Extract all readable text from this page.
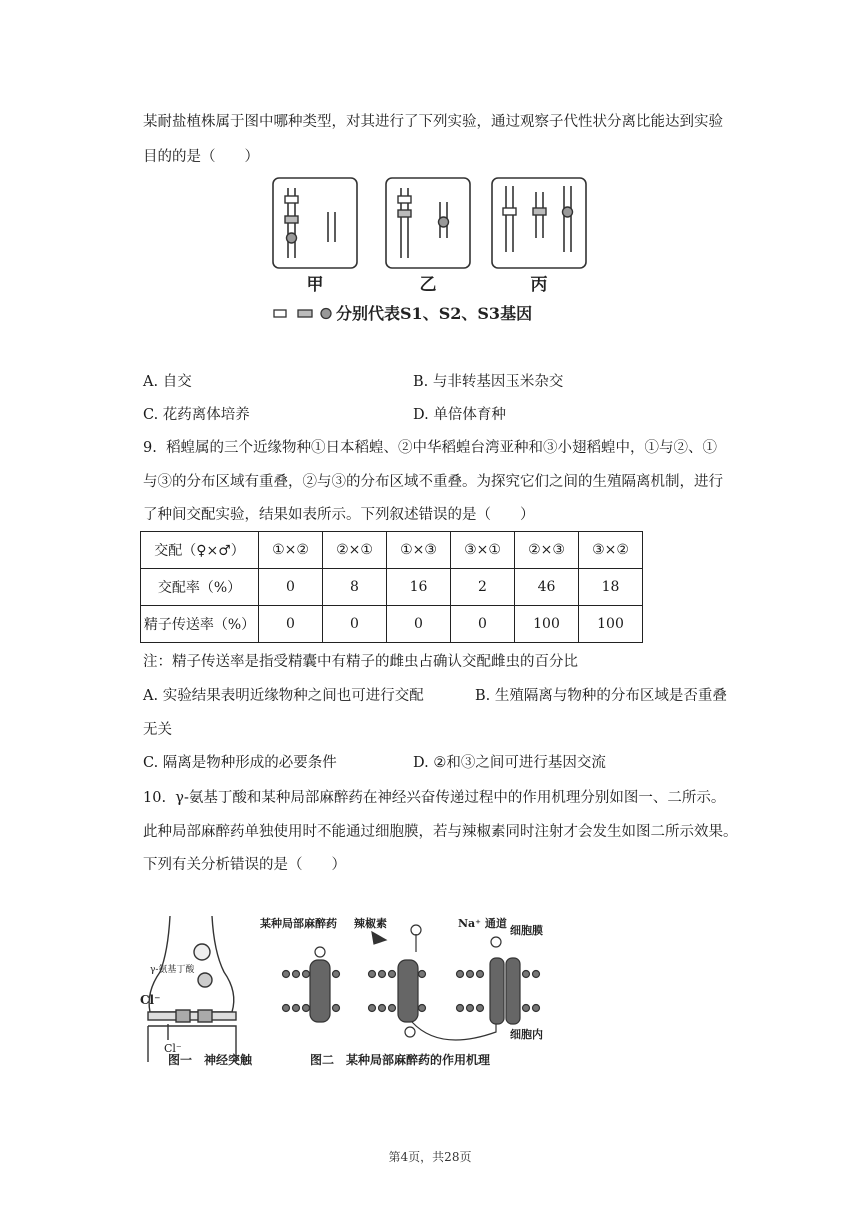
某耐盐植株属于图中哪种类型，对其进行了下列实验，通过观察子代性状分离比能达到实验
目的的是（　　）
甲	乙	丙
分别代表S1、S2、S3基因
A. 自交	B. 与非转基因玉米杂交
C. 花药离体培养	D. 单倍体育种
9. 稻蝗属的三个近缘物种①日本稻蝗、②中华稻蝗台湾亚种和③小翅稻蝗中，①与②、①
与③的分布区域有重叠，②与③的分布区域不重叠。为探究它们之间的生殖隔离机制，进行
了种间交配实验，结果如表所示。下列叙述错误的是（　　）
交配（♀×♂）	①×②	②×①	①×③	③×①	②×③	③×②
交配率（%）	0	8	16	2	46	18
精子传送率（%）	0	0	0	0	100	100
注：精子传送率是指受精囊中有精子的雌虫占确认交配雌虫的百分比
A. 实验结果表明近缘物种之间也可进行交配	B. 生殖隔离与物种的分布区域是否重叠
无关
C. 隔离是物种形成的必要条件	D. ②和③之间可进行基因交流
10. γ-氨基丁酸和某种局部麻醉药在神经兴奋传递过程中的作用机理分别如图一、二所示。
此种局部麻醉药单独使用时不能通过细胞膜，若与辣椒素同时注射才会发生如图二所示效果。
下列有关分析错误的是（　　）
γ-氨基丁酸
Cl⁻
Cl⁻
某种局部麻醉药 辣椒素	Na⁺ 通道
细胞膜
细胞内
图一　神经突触	图二　某种局部麻醉药的作用机理
第4页，共28页
